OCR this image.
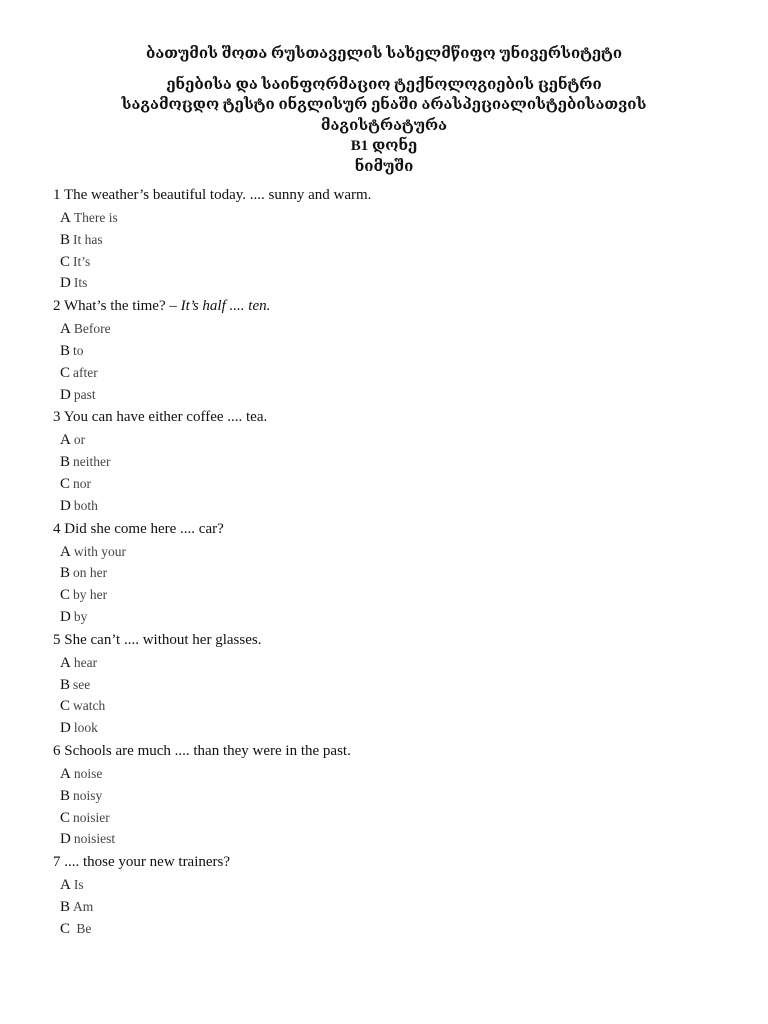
ბათუმის შოთა რუსთაველის სახელმწიფო უნივერსიტეტი
ენებისა და საინფორმაციო ტექნოლოგიების ცენტრი
საგამოცდო ტესტი ინგლისურ ენაში არასპეციალისტებისათვის
მაგისტრატურა
B1 დონე
ნიმუში
1 The weather’s beautiful today. .... sunny and warm.
A There is
B It has
C It’s
D Its
2 What’s the time? – It’s half .... ten.
A Before
B to
C after
D past
3 You can have either coffee .... tea.
A or
B neither
C nor
D both
4 Did she come here .... car?
A with your
B on her
C by her
D by
5 She can’t .... without her glasses.
A hear
B see
C watch
D look
6 Schools are much .... than they were in the past.
A noise
B noisy
C noisier
D noisiest
7 .... those your new trainers?
A Is
B Am
C Be
